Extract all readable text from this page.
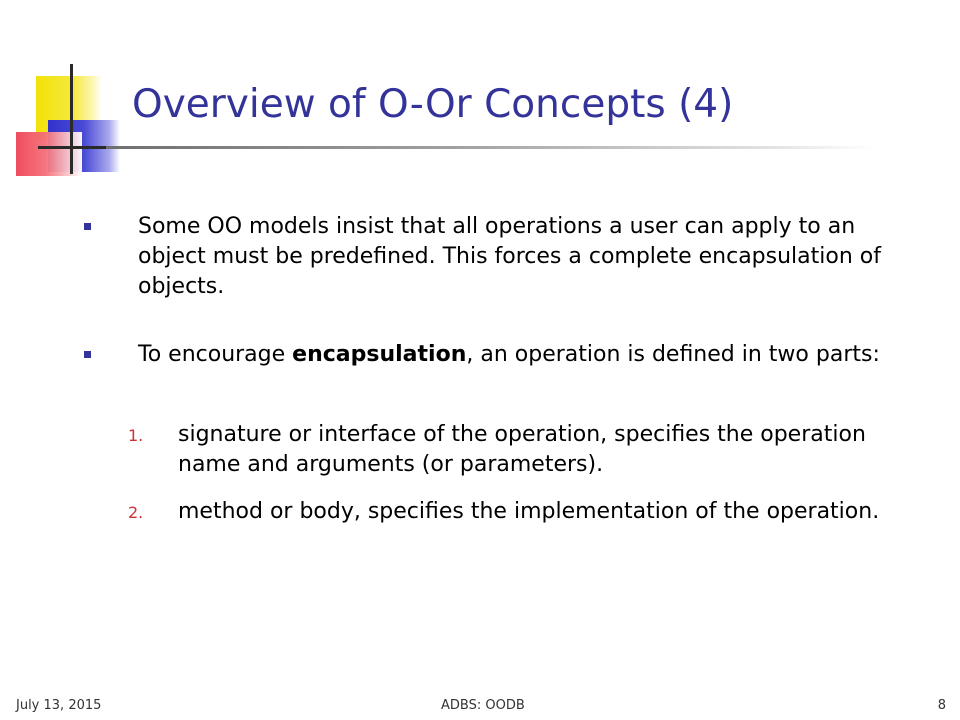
Overview of O-Or Concepts (4)
Some OO models insist that all operations a user can apply to an object must be predefined. This forces a complete encapsulation of objects.
To encourage encapsulation, an operation is defined in two parts:
1. signature or interface of the operation, specifies the operation name and arguments (or parameters).
2. method or body, specifies the implementation of the operation.
July 13, 2015	ADBS: OODB	8
